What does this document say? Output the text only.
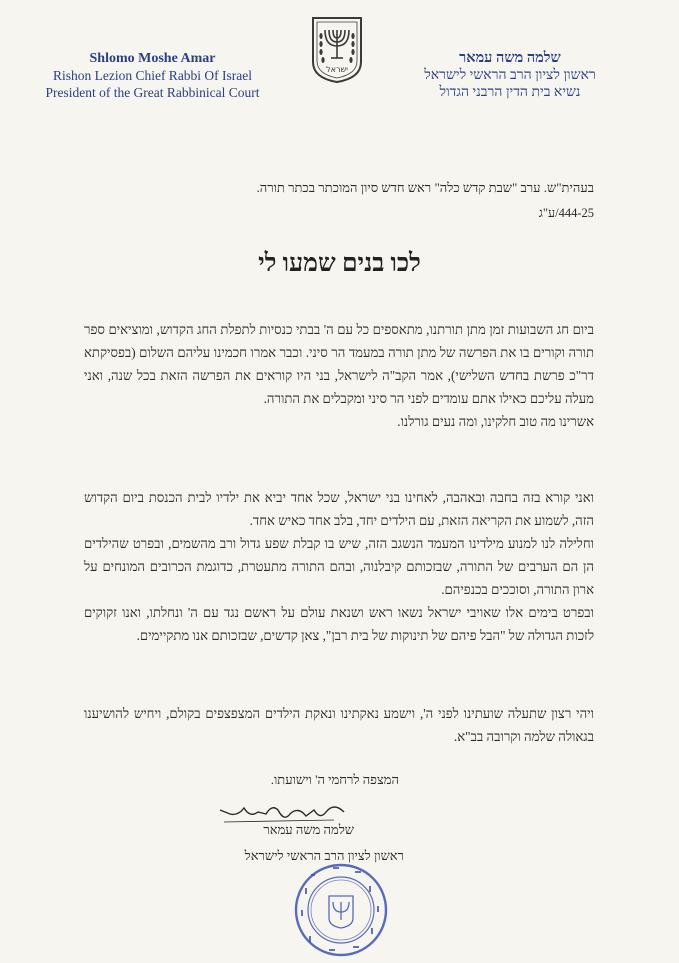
Shlomo Moshe Amar
Rishon Lezion Chief Rabbi Of Israel
President of the Great Rabbinical Court
ישראל
שלמה משה עמאר
ראשון לציון הרב הראשי לישראל
נשיא בית הדין הרבני הגדול
בעהית"ש. ערב "שבת קדש כלה" ראש חדש סיון המוכתר בכתר תורה.
444-25/ע"ג
לכו בנים שמעו לי

ביום חג השבועות זמן מתן תורתנו, מתאספים כל עם ה' בבתי כנסיות לתפלת החג הקדוש, ומוציאים ספר תורה וקורים בו את הפרשה של מתן תורה במעמד הר סיני. וכבר אמרו חכמינו עליהם השלום (בפסיקתא דר"כ פרשת בחדש השלישי), אמר הקב"ה לישראל, בני היו קוראים את הפרשה הזאת בכל שנה, ואני מעלה עליכם כאילו אתם עומדים לפני הר סיני ומקבלים את התורה.

אשרינו מה טוב חלקינו, ומה נעים גורלנו.

ואני קורא בזה בחבה ובאהבה, לאחינו בני ישראל, שכל אחד יביא את ילדיו לבית הכנסת ביום הקדוש הזה, לשמוע את הקריאה הזאת, עם הילדים יחד, בלב אחד כאיש אחד.

וחלילה לנו למנוע מילדינו המעמד הנשגב הזה, שיש בו קבלת שפע גדול ורב מהשמים, ובפרט שהילדים הן הם הערבים של התורה, שבזכותם קיבלנוה, ובהם התורה מתעטרת, כדוגמת הכרובים המונחים על ארון התורה, וסוככים בכנפיהם.

ובפרט בימים אלו שאויבי ישראל נשאו ראש ושנאת עולם על ראשם נגד עם ה' ונחלתו, ואנו זקוקים לזכות הגדולה של "הבל פיהם של תינוקות של בית רבן", צאן קדשים, שבזכותם אנו מתקיימים.

ויהי רצון שתעלה שועתינו לפני ה', וישמע נאקתינו ונאקת הילדים המצפצפים בקולם, ויחיש להושיענו בגאולה שלמה וקרובה בב"א.

המצפה לרחמי ה' וישועתו.
שלמה משה עמאר
ראשון לציון הרב הראשי לישראל
